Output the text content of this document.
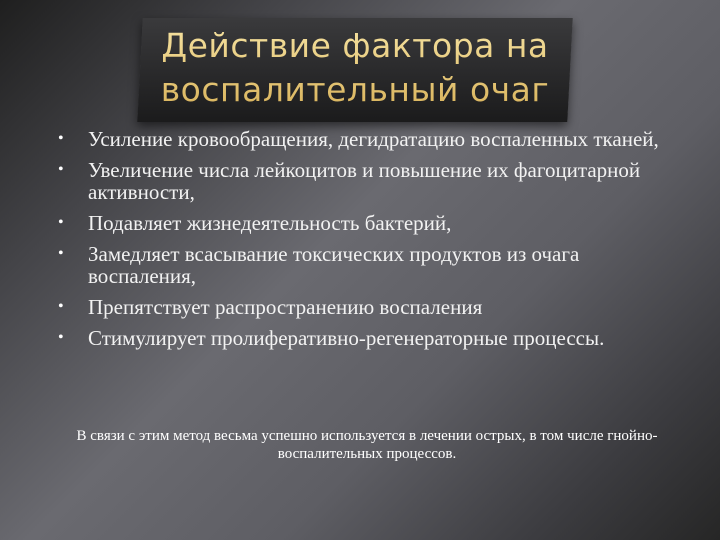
Действие фактора на
воспалительный очаг
• Усиление кровообращения, дегидратацию воспаленных тканей,
• Увеличение числа лейкоцитов и повышение их фагоцитарной активности,
• Подавляет жизнедеятельность бактерий,
• Замедляет всасывание токсических продуктов из очага воспаления,
• Препятствует распространению воспаления
• Стимулирует пролиферативно-регенераторные процессы.
В связи с этим метод весьма успешно используется в лечении острых, в том числе гнойно-воспалительных процессов.
